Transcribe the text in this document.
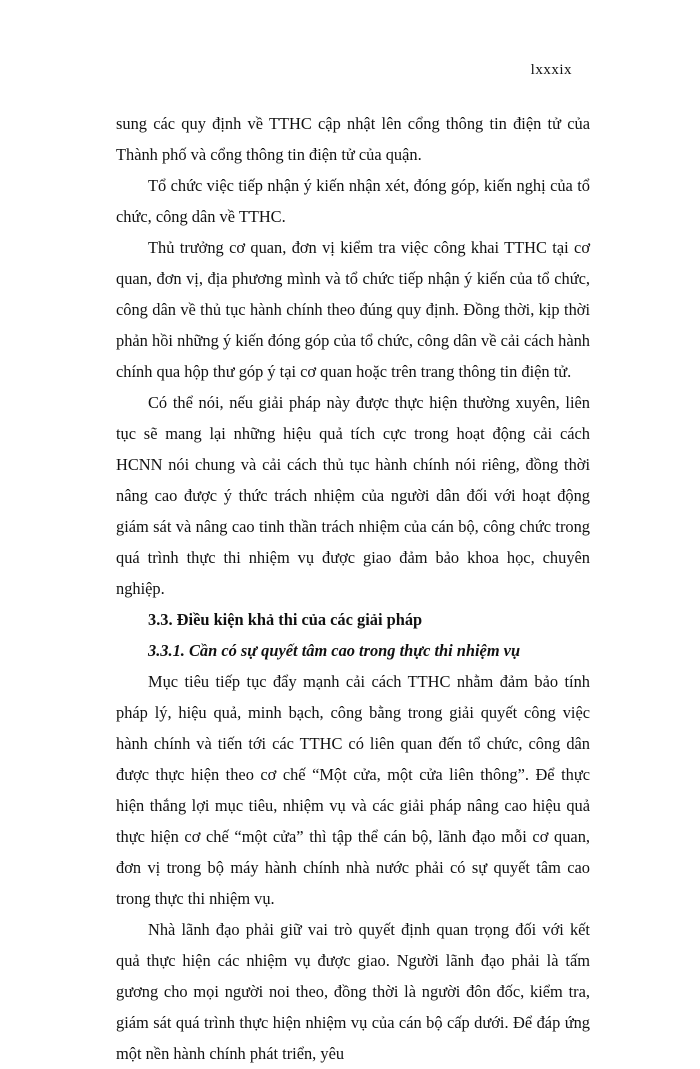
lxxxix

sung các quy định về TTHC cập nhật lên cổng thông tin điện tử của Thành phố và cổng thông tin điện tử của quận.

Tổ chức việc tiếp nhận ý kiến nhận xét, đóng góp, kiến nghị của tổ chức, công dân về TTHC.

Thủ trưởng cơ quan, đơn vị kiểm tra việc công khai TTHC tại cơ quan, đơn vị, địa phương mình và tổ chức tiếp nhận ý kiến của tổ chức, công dân về thủ tục hành chính theo đúng quy định. Đồng thời, kịp thời phản hồi những ý kiến đóng góp của tổ chức, công dân về cải cách hành chính qua hộp thư góp ý tại cơ quan hoặc trên trang thông tin điện tử.

Có thể nói, nếu giải pháp này được thực hiện thường xuyên, liên tục sẽ mang lại những hiệu quả tích cực trong hoạt động cải cách HCNN nói chung và cải cách thủ tục hành chính nói riêng, đồng thời nâng cao được ý thức trách nhiệm của người dân đối với hoạt động giám sát và nâng cao tinh thần trách nhiệm của cán bộ, công chức trong quá trình thực thi nhiệm vụ được giao đảm bảo khoa học, chuyên nghiệp.

3.3. Điều kiện khả thi của các giải pháp

3.3.1. Cần có sự quyết tâm cao trong thực thi nhiệm vụ

Mục tiêu tiếp tục đẩy mạnh cải cách TTHC nhằm đảm bảo tính pháp lý, hiệu quả, minh bạch, công bằng trong giải quyết công việc hành chính và tiến tới các TTHC có liên quan đến tổ chức, công dân được thực hiện theo cơ chế “Một cửa, một cửa liên thông”. Để thực hiện thắng lợi mục tiêu, nhiệm vụ và các giải pháp nâng cao hiệu quả thực hiện cơ chế “một cửa” thì tập thể cán bộ, lãnh đạo mỗi cơ quan, đơn vị trong bộ máy hành chính nhà nước phải có sự quyết tâm cao trong thực thi nhiệm vụ.

Nhà lãnh đạo phải giữ vai trò quyết định quan trọng đối với kết quả thực hiện các nhiệm vụ được giao. Người lãnh đạo phải là tấm gương cho mọi người noi theo, đồng thời là người đôn đốc, kiểm tra, giám sát quá trình thực hiện nhiệm vụ của cán bộ cấp dưới. Để đáp ứng một nền hành chính phát triển, yêu
